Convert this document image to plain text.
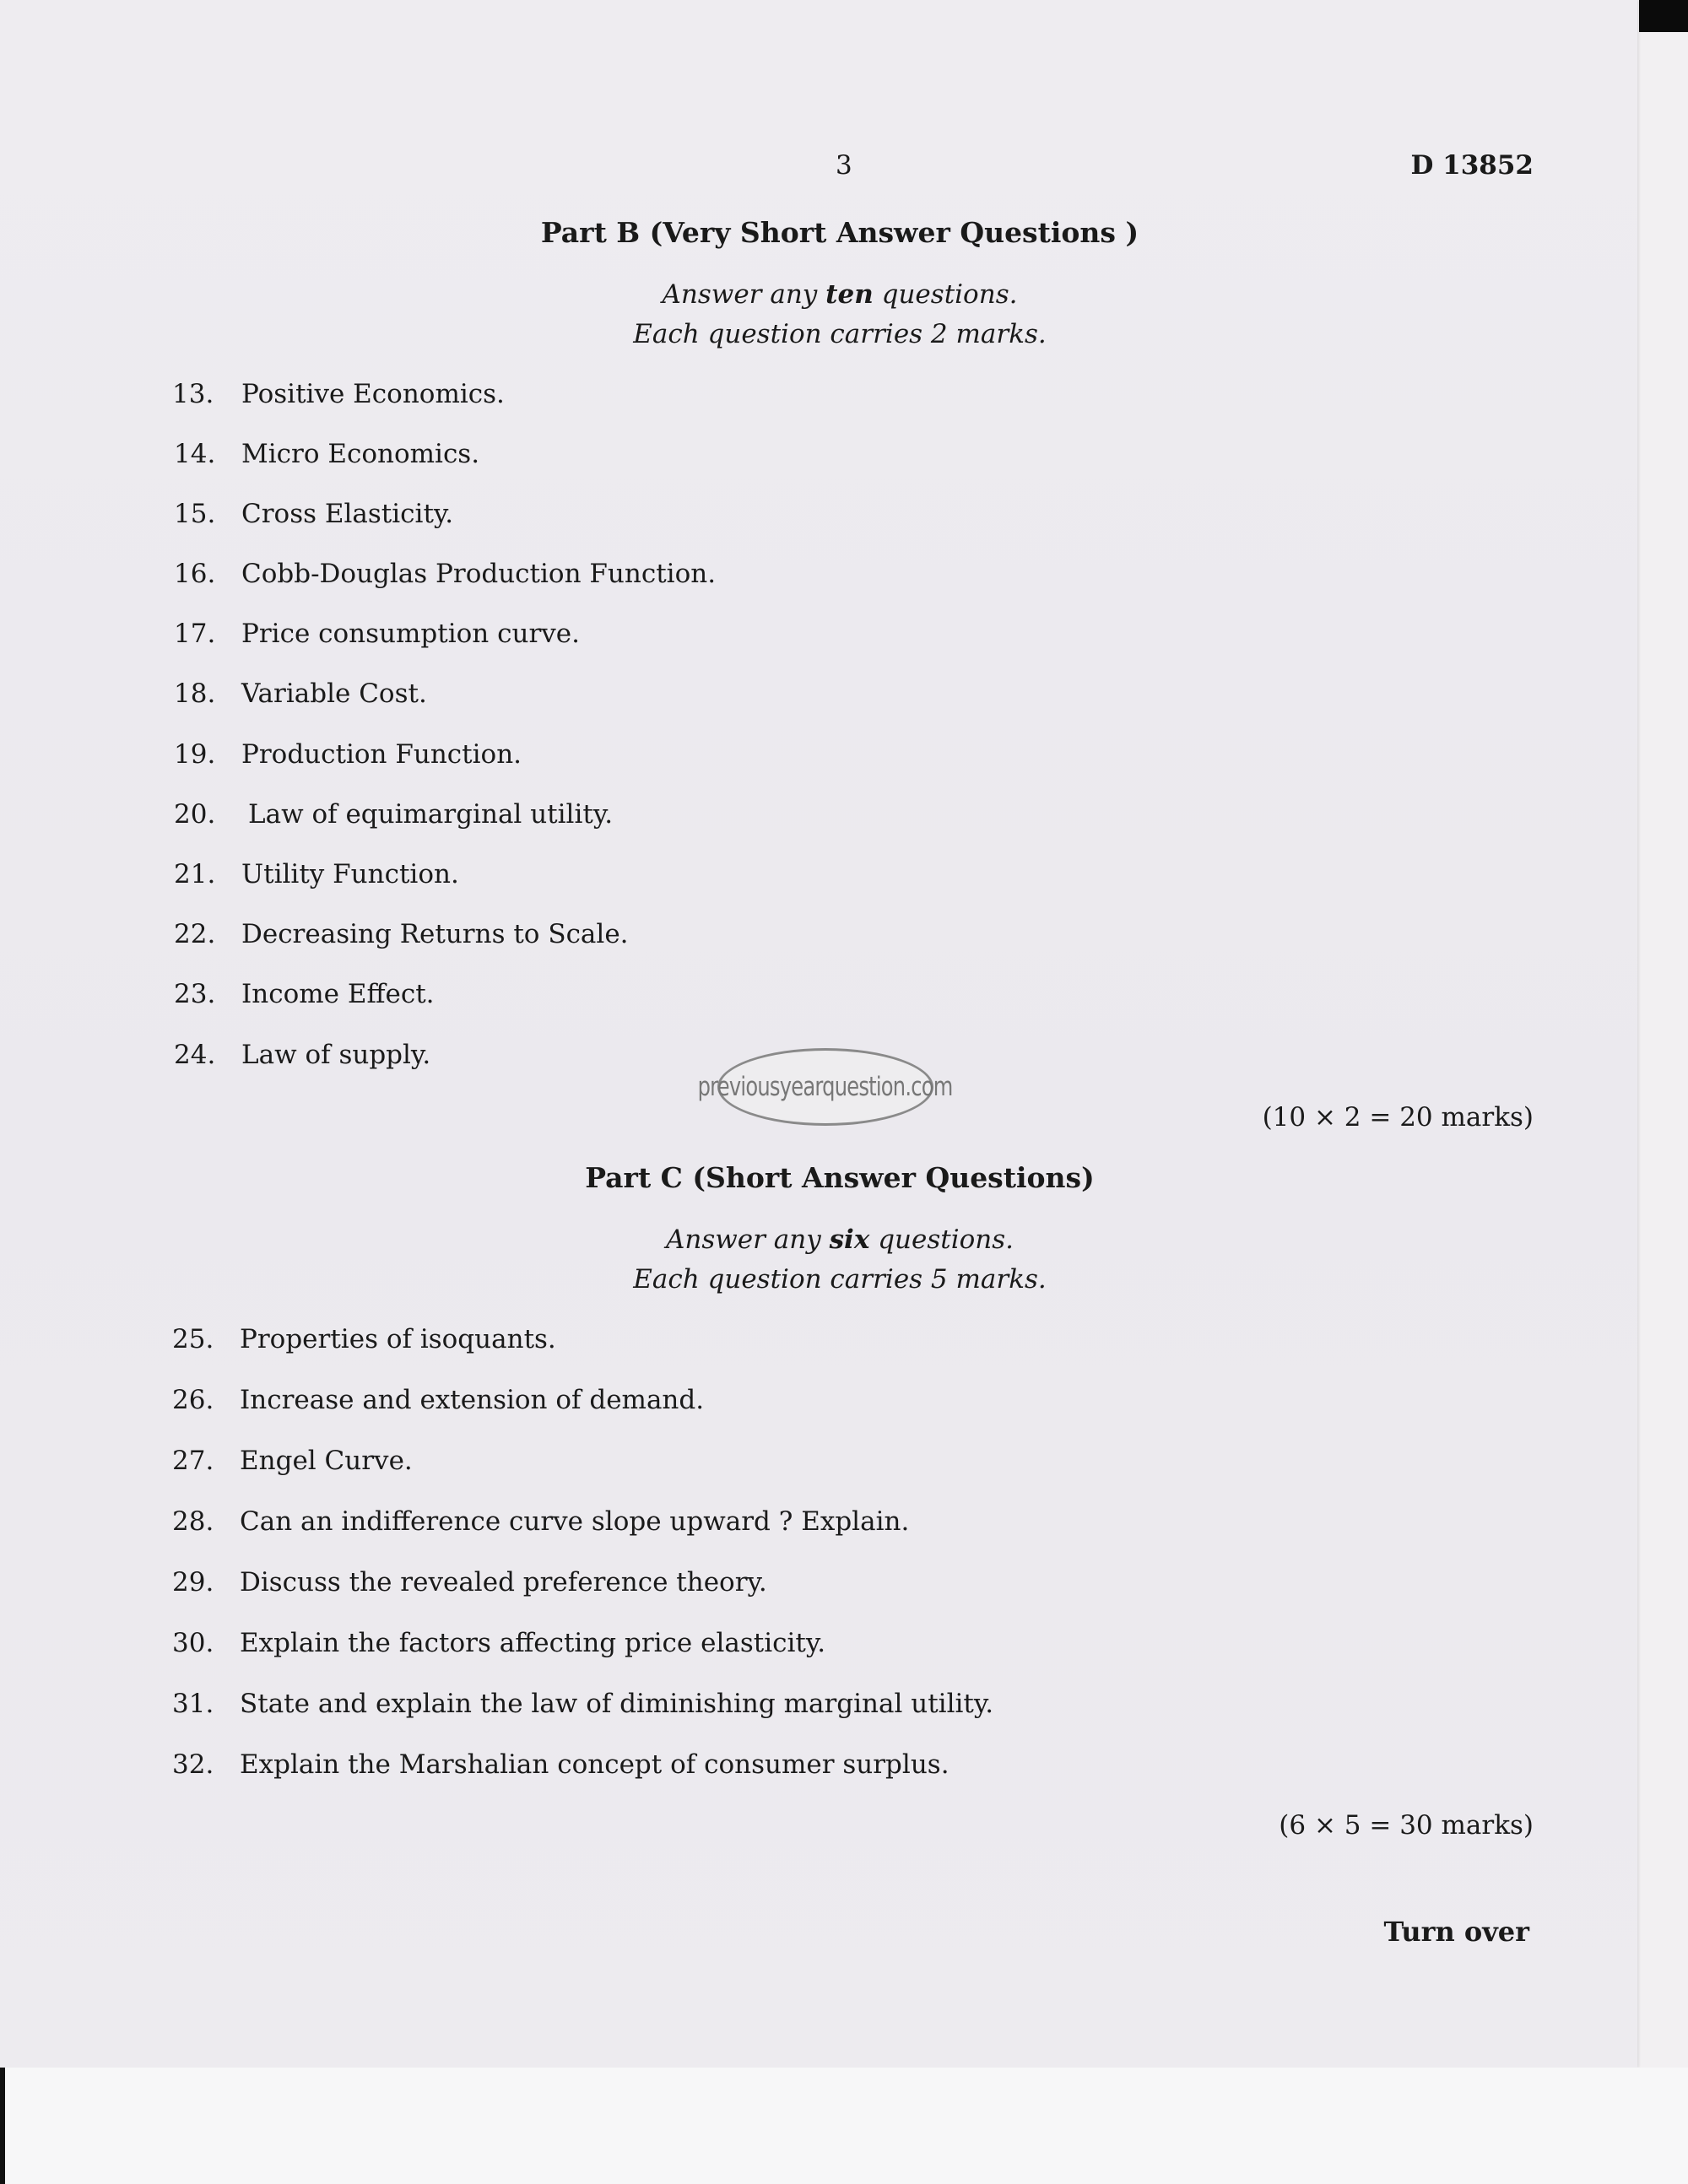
3	D 13852
Part B (Very Short Answer Questions )
Answer any ten questions.
Each question carries 2 marks.
13. Positive Economics.
14. Micro Economics.
15. Cross Elasticity.
16. Cobb-Douglas Production Function.
17. Price consumption curve.
18. Variable Cost.
19. Production Function.
20. Law of equimarginal utility.
21. Utility Function.
22. Decreasing Returns to Scale.
23. Income Effect.
24. Law of supply.
previousyearquestion.com
(10 × 2 = 20 marks)
Part C (Short Answer Questions)
Answer any six questions.
Each question carries 5 marks.
25. Properties of isoquants.
26. Increase and extension of demand.
27. Engel Curve.
28. Can an indifference curve slope upward ? Explain.
29. Discuss the revealed preference theory.
30. Explain the factors affecting price elasticity.
31. State and explain the law of diminishing marginal utility.
32. Explain the Marshalian concept of consumer surplus.
(6 × 5 = 30 marks)
Turn over
